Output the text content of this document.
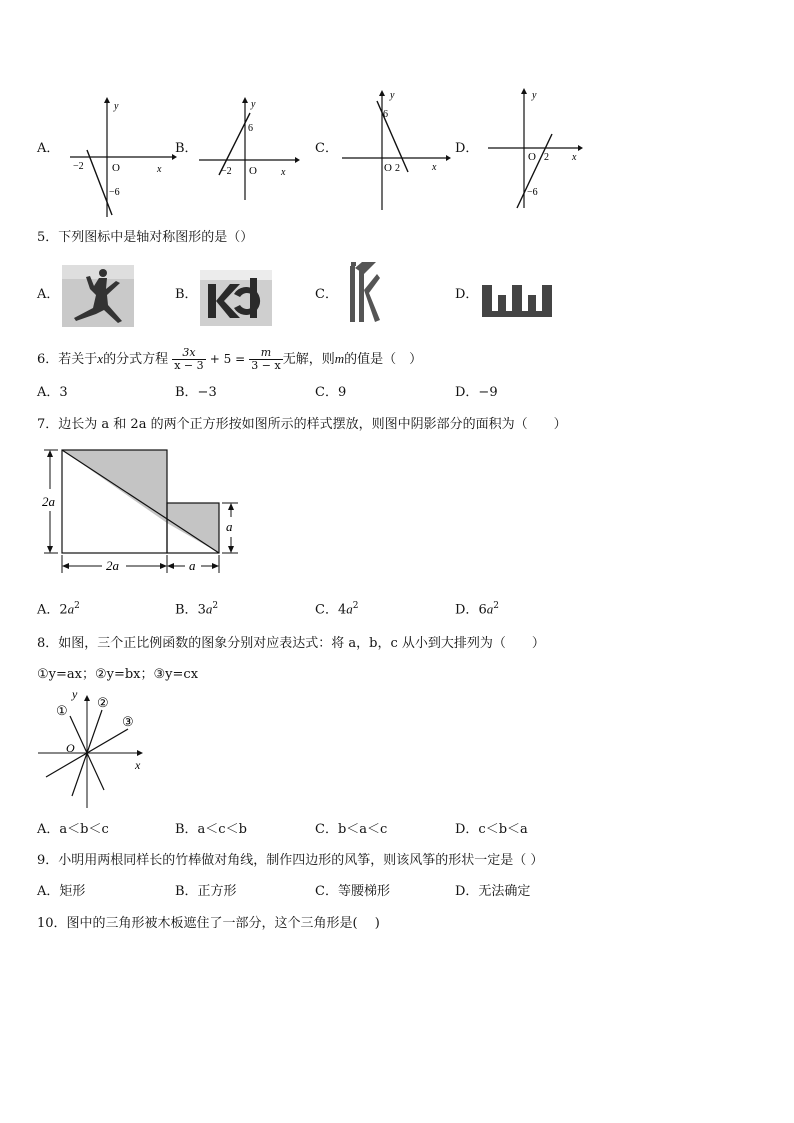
A．
y
x
O
−2
−6
B．
y
x
O
−2
6
C．
y
x
O 2
6
D．
y
x
O 2
−6
5．下列图标中是轴对称图形的是（）
A．	B．	C．	D．
6．若关于x的分式方程 $\frac{3x}{x - 3} + 5 = \frac{m}{3 - x}$ 无解，则m的值是（　）
A．3	B．−3	C．9	D．−9
7．边长为 a 和 2a 的两个正方形按如图所示的样式摆放，则图中阴影部分的面积为（　　）
2a
a
2a	a
A．$2a^2$	B．$3a^2$	C．$4a^2$	D．$6a^2$
8．如图，三个正比例函数的图象分别对应表达式：将 a，b，c 从小到大排列为（　　）
①y=ax；②y=bx；③y=cx
y
x
O
①
②
③
A．a＜b＜c	B．a＜c＜b	C．b＜a＜c	D．c＜b＜a
9．小明用两根同样长的竹棒做对角线，制作四边形的风筝，则该风筝的形状一定是（ ）
A．矩形	B．正方形	C．等腰梯形	D．无法确定
10．图中的三角形被木板遮住了一部分，这个三角形是(　 )
